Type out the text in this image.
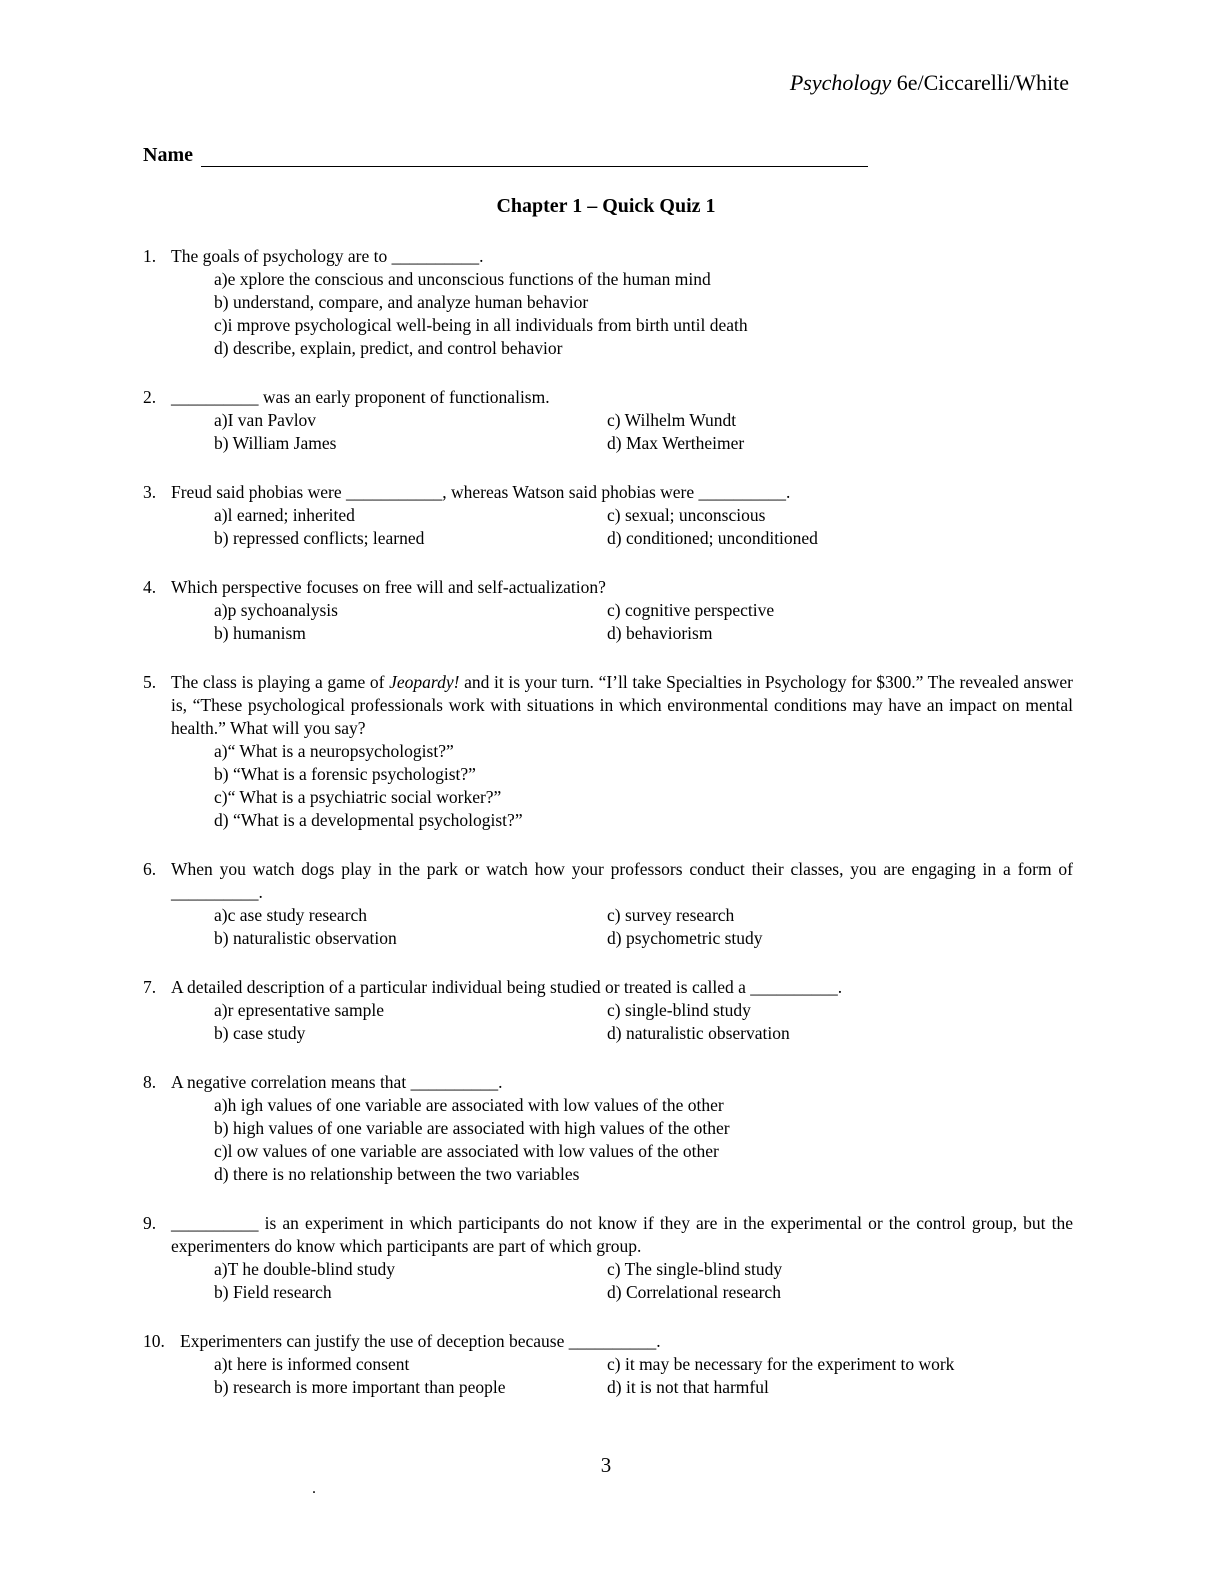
Psychology 6e/Ciccarelli/White
Name
Chapter 1 – Quick Quiz 1
1. The goals of psychology are to __________.
a)e xplore the conscious and unconscious functions of the human mind
b) understand, compare, and analyze human behavior
c)i mprove psychological well-being in all individuals from birth until death
d) describe, explain, predict, and control behavior
2. __________ was an early proponent of functionalism.
a)I van Pavlov	c) Wilhelm Wundt
b) William James	d) Max Wertheimer
3. Freud said phobias were ___________, whereas Watson said phobias were __________.
a)l earned; inherited	c) sexual; unconscious
b) repressed conflicts; learned	d) conditioned; unconditioned
4. Which perspective focuses on free will and self-actualization?
a)p sychoanalysis	c) cognitive perspective
b) humanism	d) behaviorism
5. The class is playing a game of Jeopardy! and it is your turn. “I’ll take Specialties in Psychology for $300.” The revealed answer is, “These psychological professionals work with situations in which environmental conditions may have an impact on mental health.” What will you say?
a)“ What is a neuropsychologist?”
b) “What is a forensic psychologist?”
c)“ What is a psychiatric social worker?”
d) “What is a developmental psychologist?”
6. When you watch dogs play in the park or watch how your professors conduct their classes, you are engaging in a form of __________.
a)c ase study research	c) survey research
b) naturalistic observation	d) psychometric study
7. A detailed description of a particular individual being studied or treated is called a __________.
a)r epresentative sample	c) single-blind study
b) case study	d) naturalistic observation
8. A negative correlation means that __________.
a)h igh values of one variable are associated with low values of the other
b) high values of one variable are associated with high values of the other
c)l ow values of one variable are associated with low values of the other
d) there is no relationship between the two variables
9. __________ is an experiment in which participants do not know if they are in the experimental or the control group, but the experimenters do know which participants are part of which group.
a)T he double-blind study	c) The single-blind study
b) Field research	d) Correlational research
10. Experimenters can justify the use of deception because __________.
a)t here is informed consent	c) it may be necessary for the experiment to work
b) research is more important than people	d) it is not that harmful
3
.
